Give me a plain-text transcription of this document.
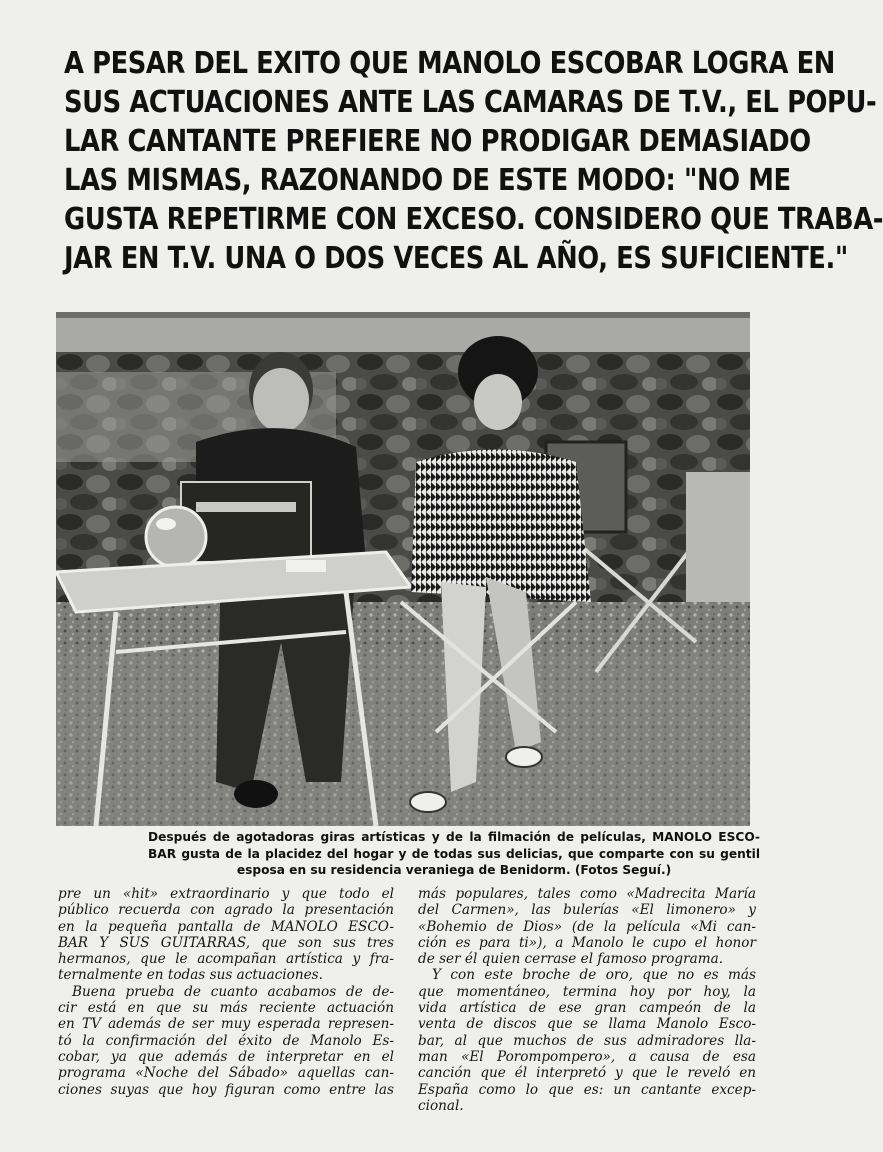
A PESAR DEL EXITO QUE MANOLO ESCOBAR LOGRA EN
SUS ACTUACIONES ANTE LAS CAMARAS DE T.V., EL POPU-
LAR CANTANTE PREFIERE NO PRODIGAR DEMASIADO
LAS MISMAS, RAZONANDO DE ESTE MODO: "NO ME
GUSTA REPETIRME CON EXCESO. CONSIDERO QUE TRABA-
JAR EN T.V. UNA O DOS VECES AL AÑO, ES SUFICIENTE."
Después de agotadoras giras artísticas y de la filmación de películas, MANOLO ESCO-
BAR gusta de la placidez del hogar y de todas sus delicias, que comparte con su gentil
esposa en su residencia veraniega de Benidorm. (Fotos Seguí.)
pre un «hit» extraordinario y que todo el
público recuerda con agrado la presentación
en la pequeña pantalla de MANOLO ESCO-
BAR Y SUS GUITARRAS, que son sus tres
hermanos, que le acompañan artística y fra-
ternalmente en todas sus actuaciones.
Buena prueba de cuanto acabamos de de-
cir está en que su más reciente actuación
en TV además de ser muy esperada represen-
tó la confirmación del éxito de Manolo Es-
cobar, ya que además de interpretar en el
programa «Noche del Sábado» aquellas can-
ciones suyas que hoy figuran como entre las
más populares, tales como «Madrecita María
del Carmen», las bulerías «El limonero» y
«Bohemio de Dios» (de la película «Mi can-
ción es para ti»), a Manolo le cupo el honor
de ser él quien cerrase el famoso programa.
Y con este broche de oro, que no es más
que momentáneo, termina hoy por hoy, la
vida artística de ese gran campeón de la
venta de discos que se llama Manolo Esco-
bar, al que muchos de sus admiradores lla-
man «El Porompompero», a causa de esa
canción que él interpretó y que le reveló en
España como lo que es: un cantante excep-
cional.
